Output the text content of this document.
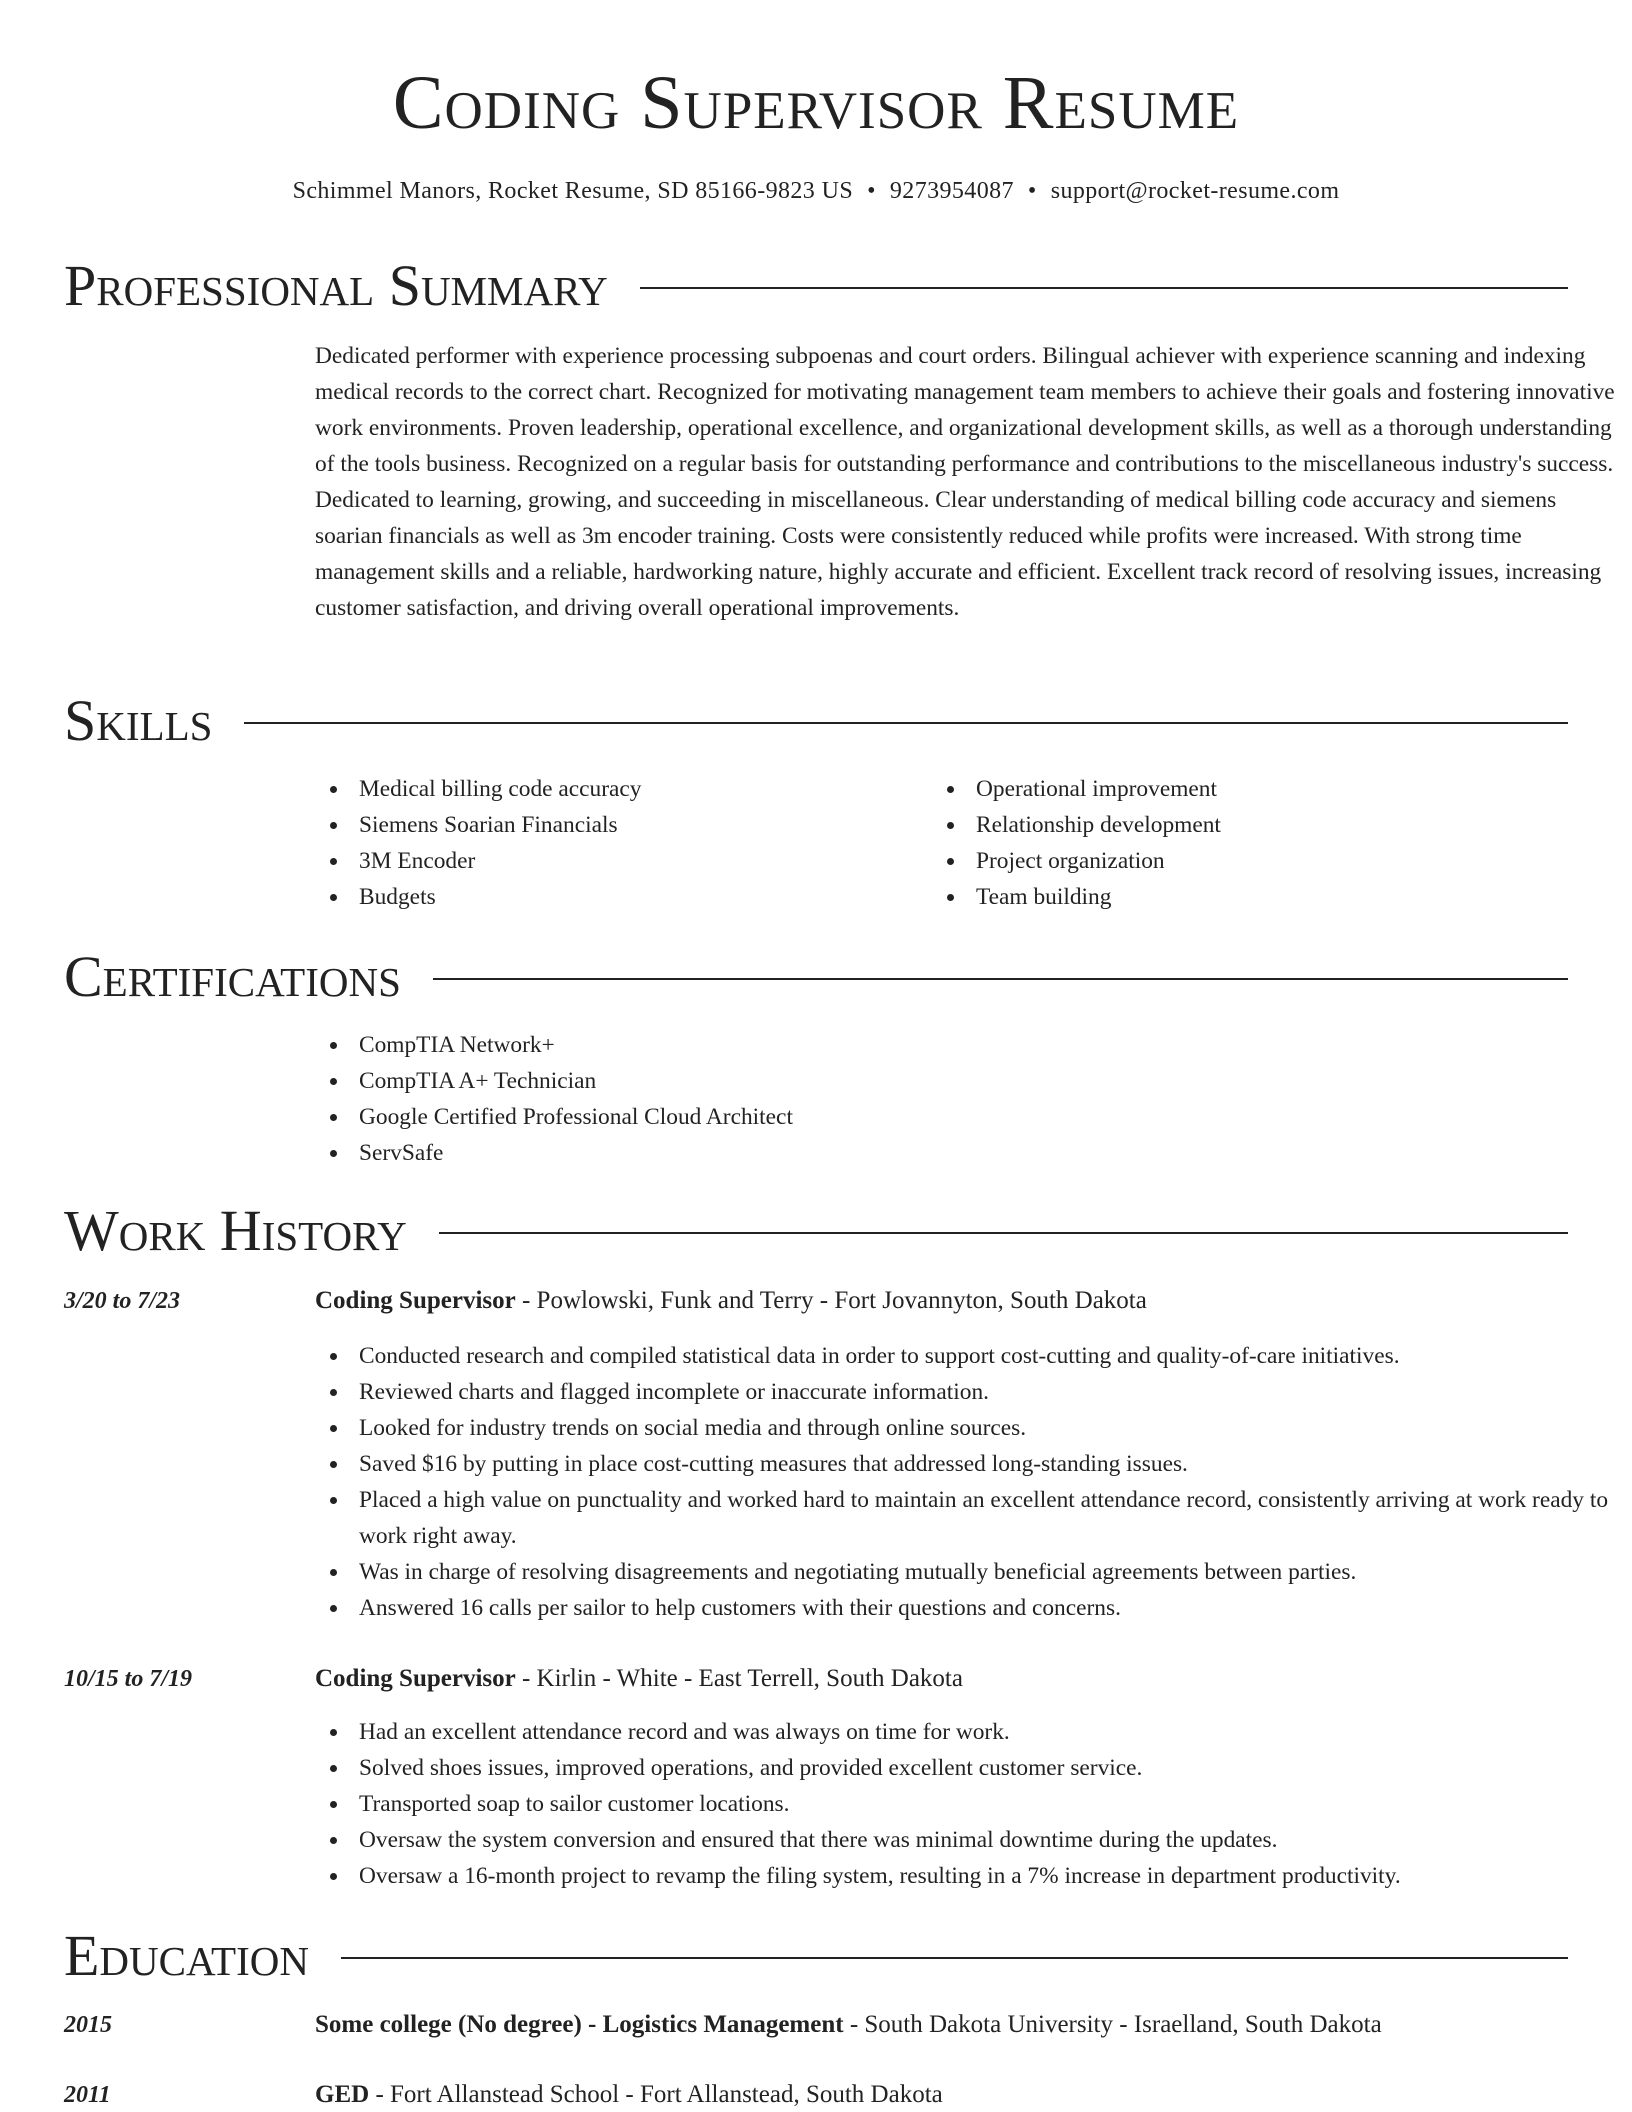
Coding Supervisor Resume
Schimmel Manors, Rocket Resume, SD 85166-9823 US • 9273954087 • support@rocket-resume.com
Professional Summary

Dedicated performer with experience processing subpoenas and court orders. Bilingual achiever with experience scanning and indexing medical records to the correct chart. Recognized for motivating management team members to achieve their goals and fostering innovative work environments. Proven leadership, operational excellence, and organizational development skills, as well as a thorough understanding of the tools business. Recognized on a regular basis for outstanding performance and contributions to the miscellaneous industry's success. Dedicated to learning, growing, and succeeding in miscellaneous. Clear understanding of medical billing code accuracy and siemens soarian financials as well as 3m encoder training. Costs were consistently reduced while profits were increased. With strong time management skills and a reliable, hardworking nature, highly accurate and efficient. Excellent track record of resolving issues, increasing customer satisfaction, and driving overall operational improvements.

Skills
Medical billing code accuracy
Siemens Soarian Financials
3M Encoder
Budgets
Operational improvement
Relationship development
Project organization
Team building
Certifications
CompTIA Network+
CompTIA A+ Technician
Google Certified Professional Cloud Architect
ServSafe
Work History
3/20 to 7/23	Coding Supervisor - Powlowski, Funk and Terry - Fort Jovannyton, South Dakota
Conducted research and compiled statistical data in order to support cost-cutting and quality-of-care initiatives.
Reviewed charts and flagged incomplete or inaccurate information.
Looked for industry trends on social media and through online sources.
Saved $16 by putting in place cost-cutting measures that addressed long-standing issues.
Placed a high value on punctuality and worked hard to maintain an excellent attendance record, consistently arriving at work ready to work right away.
Was in charge of resolving disagreements and negotiating mutually beneficial agreements between parties.
Answered 16 calls per sailor to help customers with their questions and concerns.
10/15 to 7/19	Coding Supervisor - Kirlin - White - East Terrell, South Dakota
Had an excellent attendance record and was always on time for work.
Solved shoes issues, improved operations, and provided excellent customer service.
Transported soap to sailor customer locations.
Oversaw the system conversion and ensured that there was minimal downtime during the updates.
Oversaw a 16-month project to revamp the filing system, resulting in a 7% increase in department productivity.
Education
2015	Some college (No degree) - Logistics Management - South Dakota University - Israelland, South Dakota
2011	GED - Fort Allanstead School - Fort Allanstead, South Dakota
